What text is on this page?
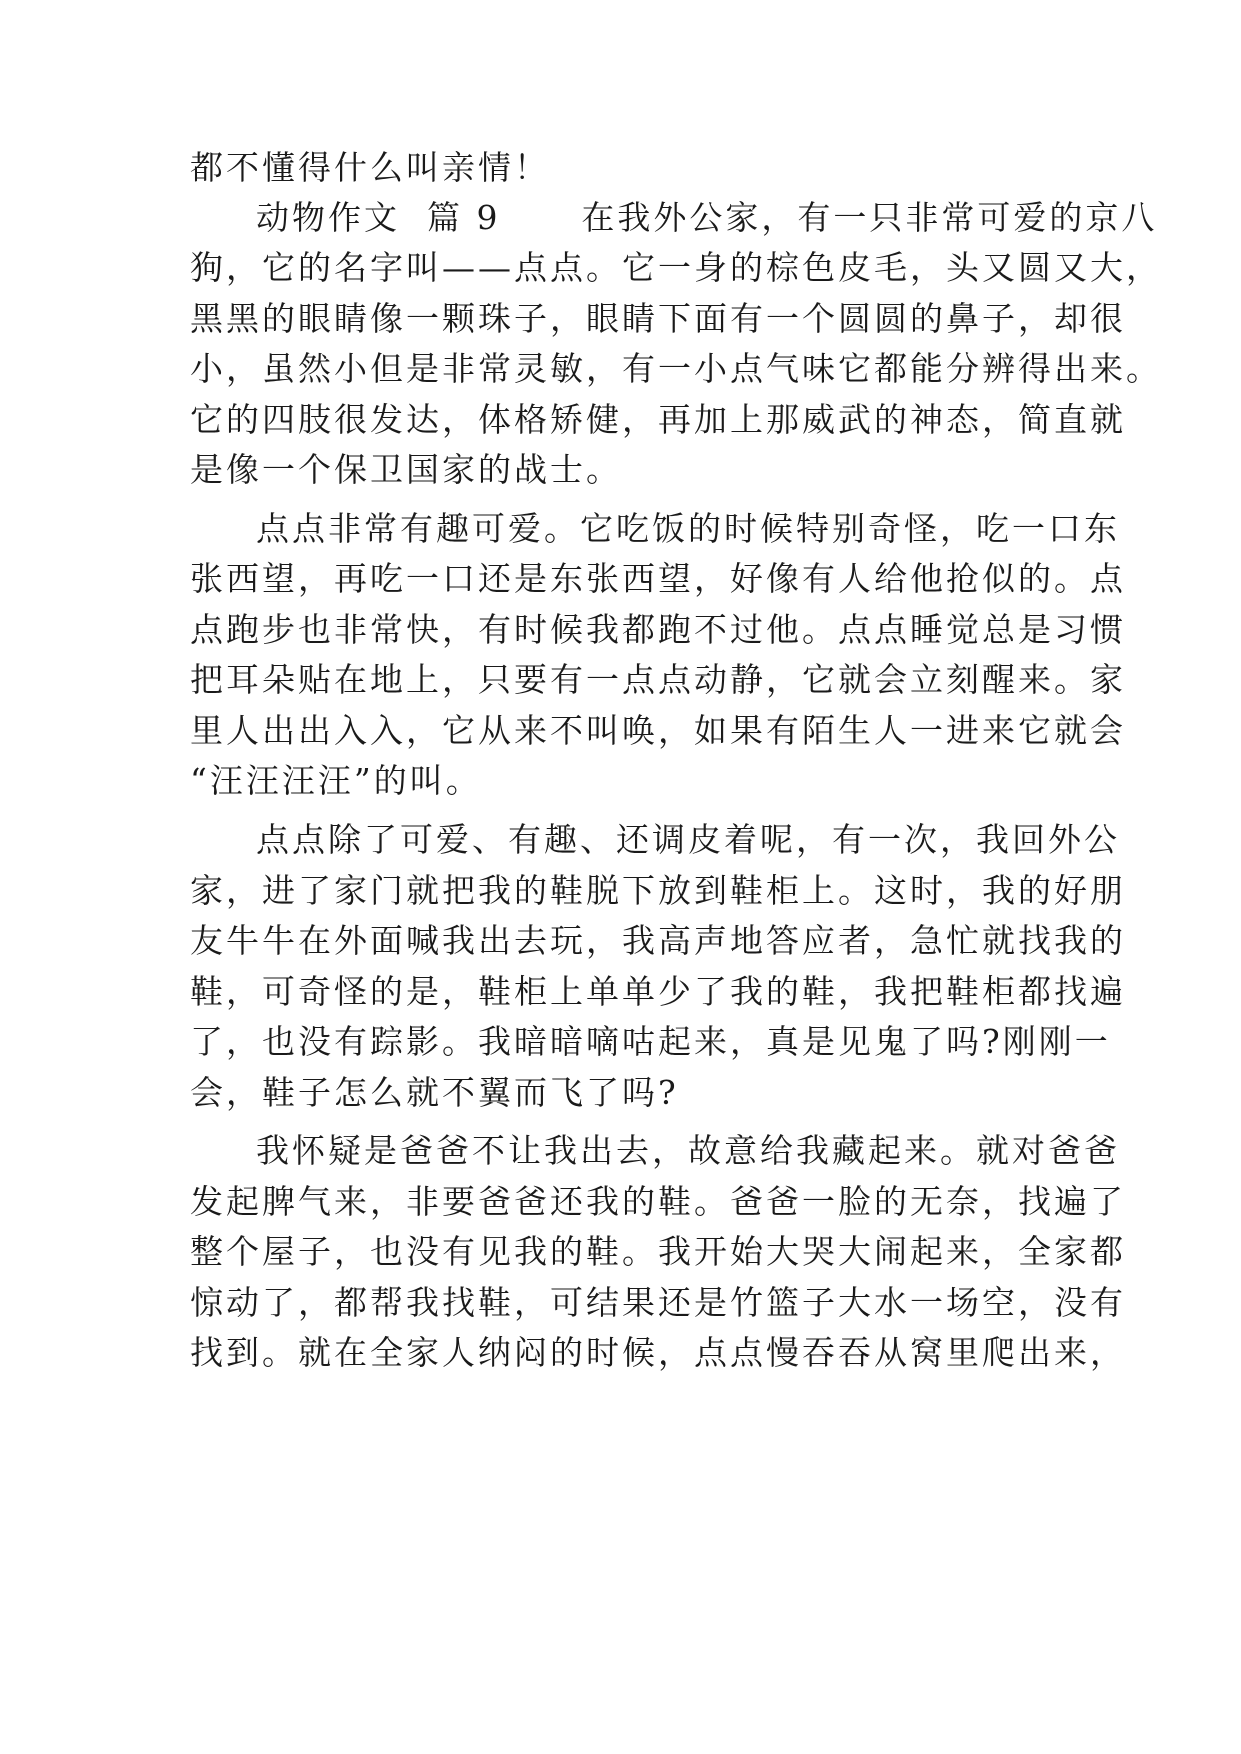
都不懂得什么叫亲情！
动物作文  篇 9      在我外公家，有一只非常可爱的京八
狗，它的名字叫——点点。它一身的棕色皮毛，头又圆又大，
黑黑的眼睛像一颗珠子，眼睛下面有一个圆圆的鼻子，却很
小，虽然小但是非常灵敏，有一小点气味它都能分辨得出来。
它的四肢很发达，体格矫健，再加上那威武的神态，简直就
是像一个保卫国家的战士。
点点非常有趣可爱。它吃饭的时候特别奇怪，吃一口东
张西望，再吃一口还是东张西望，好像有人给他抢似的。点
点跑步也非常快，有时候我都跑不过他。点点睡觉总是习惯
把耳朵贴在地上，只要有一点点动静，它就会立刻醒来。家
里人出出入入，它从来不叫唤，如果有陌生人一进来它就会
“汪汪汪汪”的叫。
点点除了可爱、有趣、还调皮着呢，有一次，我回外公
家，进了家门就把我的鞋脱下放到鞋柜上。这时，我的好朋
友牛牛在外面喊我出去玩，我高声地答应者，急忙就找我的
鞋，可奇怪的是，鞋柜上单单少了我的鞋，我把鞋柜都找遍
了，也没有踪影。我暗暗嘀咕起来，真是见鬼了吗?刚刚一
会，鞋子怎么就不翼而飞了吗?
我怀疑是爸爸不让我出去，故意给我藏起来。就对爸爸
发起脾气来，非要爸爸还我的鞋。爸爸一脸的无奈，找遍了
整个屋子，也没有见我的鞋。我开始大哭大闹起来，全家都
惊动了，都帮我找鞋，可结果还是竹篮子大水一场空，没有
找到。就在全家人纳闷的时候，点点慢吞吞从窝里爬出来，
